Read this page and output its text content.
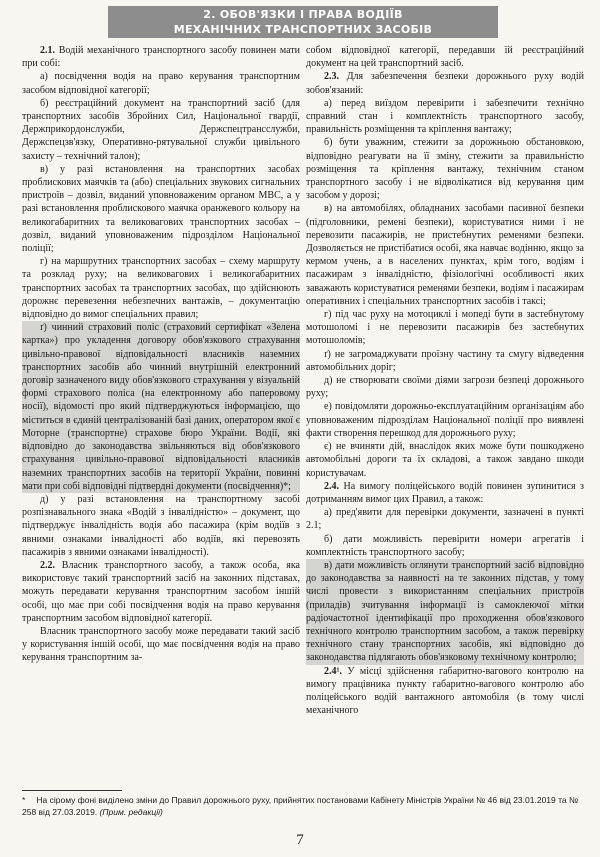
2. ОБОВ'ЯЗКИ І ПРАВА ВОДІЇВ
МЕХАНІЧНИХ ТРАНСПОРТНИХ ЗАСОБІВ

2.1. Водій механічного транспортного засобу повинен мати при собі:

а) посвідчення водія на право керування транспортним засобом відповідної категорії;

б) реєстраційний документ на транспортний засіб (для транспортних засобів Збройних Сил, Національної гвардії, Держприкордонслужби, Держспецтрансслужби, Держспецзв'язку, Оперативно-рятувальної служби цивільного захисту – технічний талон);

в) у разі встановлення на транспортних засобах проблискових маячків та (або) спеціальних звукових сигнальних пристроїв – дозвіл, виданий уповноваженим органом МВС, а у разі встановлення проблискового маячка оранжевого кольору на великогабаритних та великовагових транспортних засобах – дозвіл, виданий уповноваженим підрозділом Національної поліції;

г) на маршрутних транспортних засобах – схему маршруту та розклад руху; на великовагових і великогабаритних транспортних засобах та транспортних засобах, що здійснюють дорожнє перевезення небезпечних вантажів, – документацію відповідно до вимог спеціальних правил;

ґ) чинний страховий поліс (страховий сертифікат «Зелена картка») про укладення договору обов'язкового страхування цивільно-правової відповідальності власників наземних транспортних засобів або чинний внутрішній електронний договір зазначеного виду обов'язкового страхування у візуальній формі страхового поліса (на електронному або паперовому носії), відомості про який підтверджуються інформацією, що міститься в єдиній централізованій базі даних, оператором якої є Моторне (транспортне) страхове бюро України. Водії, які відповідно до законодавства звільняються від обов'язкового страхування цивільно-правової відповідальності власників наземних транспортних засобів на території України, повинні мати при собі відповідні підтвердні документи (посвідчення)*;

д) у разі встановлення на транспортному засобі розпізнавального знака «Водій з інвалідністю» – документ, що підтверджує інвалідність водія або пасажира (крім водіїв з явними ознаками інвалідності або водіїв, які перевозять пасажирів з явними ознаками інвалідності).

2.2. Власник транспортного засобу, а також особа, яка використовує такий транспортний засіб на законних підставах, можуть передавати керування транспортним засобом іншій особі, що має при собі посвідчення водія на право керування транспортним засобом відповідної категорії.

Власник транспортного засобу може передавати такий засіб у користування іншій особі, що має посвідчення водія на право керування транспортним за-

собом відповідної категорії, передавши їй реєстраційний документ на цей транспортний засіб.

2.3. Для забезпечення безпеки дорожнього руху водій зобов'язаний:

а) перед виїздом перевірити і забезпечити технічно справний стан і комплектність транспортного засобу, правильність розміщення та кріплення вантажу;

б) бути уважним, стежити за дорожньою обстановкою, відповідно реагувати на її зміну, стежити за правильністю розміщення та кріплення вантажу, технічним станом транспортного засобу і не відволікатися від керування цим засобом у дорозі;

в) на автомобілях, обладнаних засобами пасивної безпеки (підголовники, ремені безпеки), користуватися ними і не перевозити пасажирів, не пристебнутих ременями безпеки. Дозволяється не пристібатися особі, яка навчає водінню, якщо за кермом учень, а в населених пунктах, крім того, водіям і пасажирам з інвалідністю, фізіологічні особливості яких заважають користуватися ременями безпеки, водіям і пасажирам оперативних і спеціальних транспортних засобів і таксі;

г) під час руху на мотоциклі і мопеді бути в застебнутому мотошоломі і не перевозити пасажирів без застебнутих мотошоломів;

ґ) не загромаджувати проїзну частину та смугу відведення автомобільних доріг;

д) не створювати своїми діями загрози безпеці дорожнього руху;

е) повідомляти дорожньо-експлуатаційним організаціям або уповноваженим підрозділам Національної поліції про виявлені факти створення перешкод для дорожнього руху;

є) не вчиняти дій, внаслідок яких може бути пошкоджено автомобільні дороги та їх складові, а також завдано шкоди користувачам.

2.4. На вимогу поліцейського водій повинен зупинитися з дотриманням вимог цих Правил, а також:

а) пред'явити для перевірки документи, зазначені в пункті 2.1;

б) дати можливість перевірити номери агрегатів і комплектність транспортного засобу;

в) дати можливість оглянути транспортний засіб відповідно до законодавства за наявності на те законних підстав, у тому числі провести з використанням спеціальних пристроїв (приладів) зчитування інформації із самоклеючої мітки радіочастотної ідентифікації про проходження обов'язкового технічного контролю транспортним засобом, а також перевірку технічного стану транспортних засобів, які відповідно до законодавства підлягають обов'язковому технічному контролю;

2.4¹. У місці здійснення габаритно-вагового контролю на вимогу працівника пункту габаритно-вагового контролю або поліцейського водій вантажного автомобіля (в тому числі механічного

* На сірому фоні виділено зміни до Правил дорожнього руху, прийнятих постановами Кабінету Міністрів України № 46 від 23.01.2019 та № 258 від 27.03.2019. (Прим. редакції)
7
